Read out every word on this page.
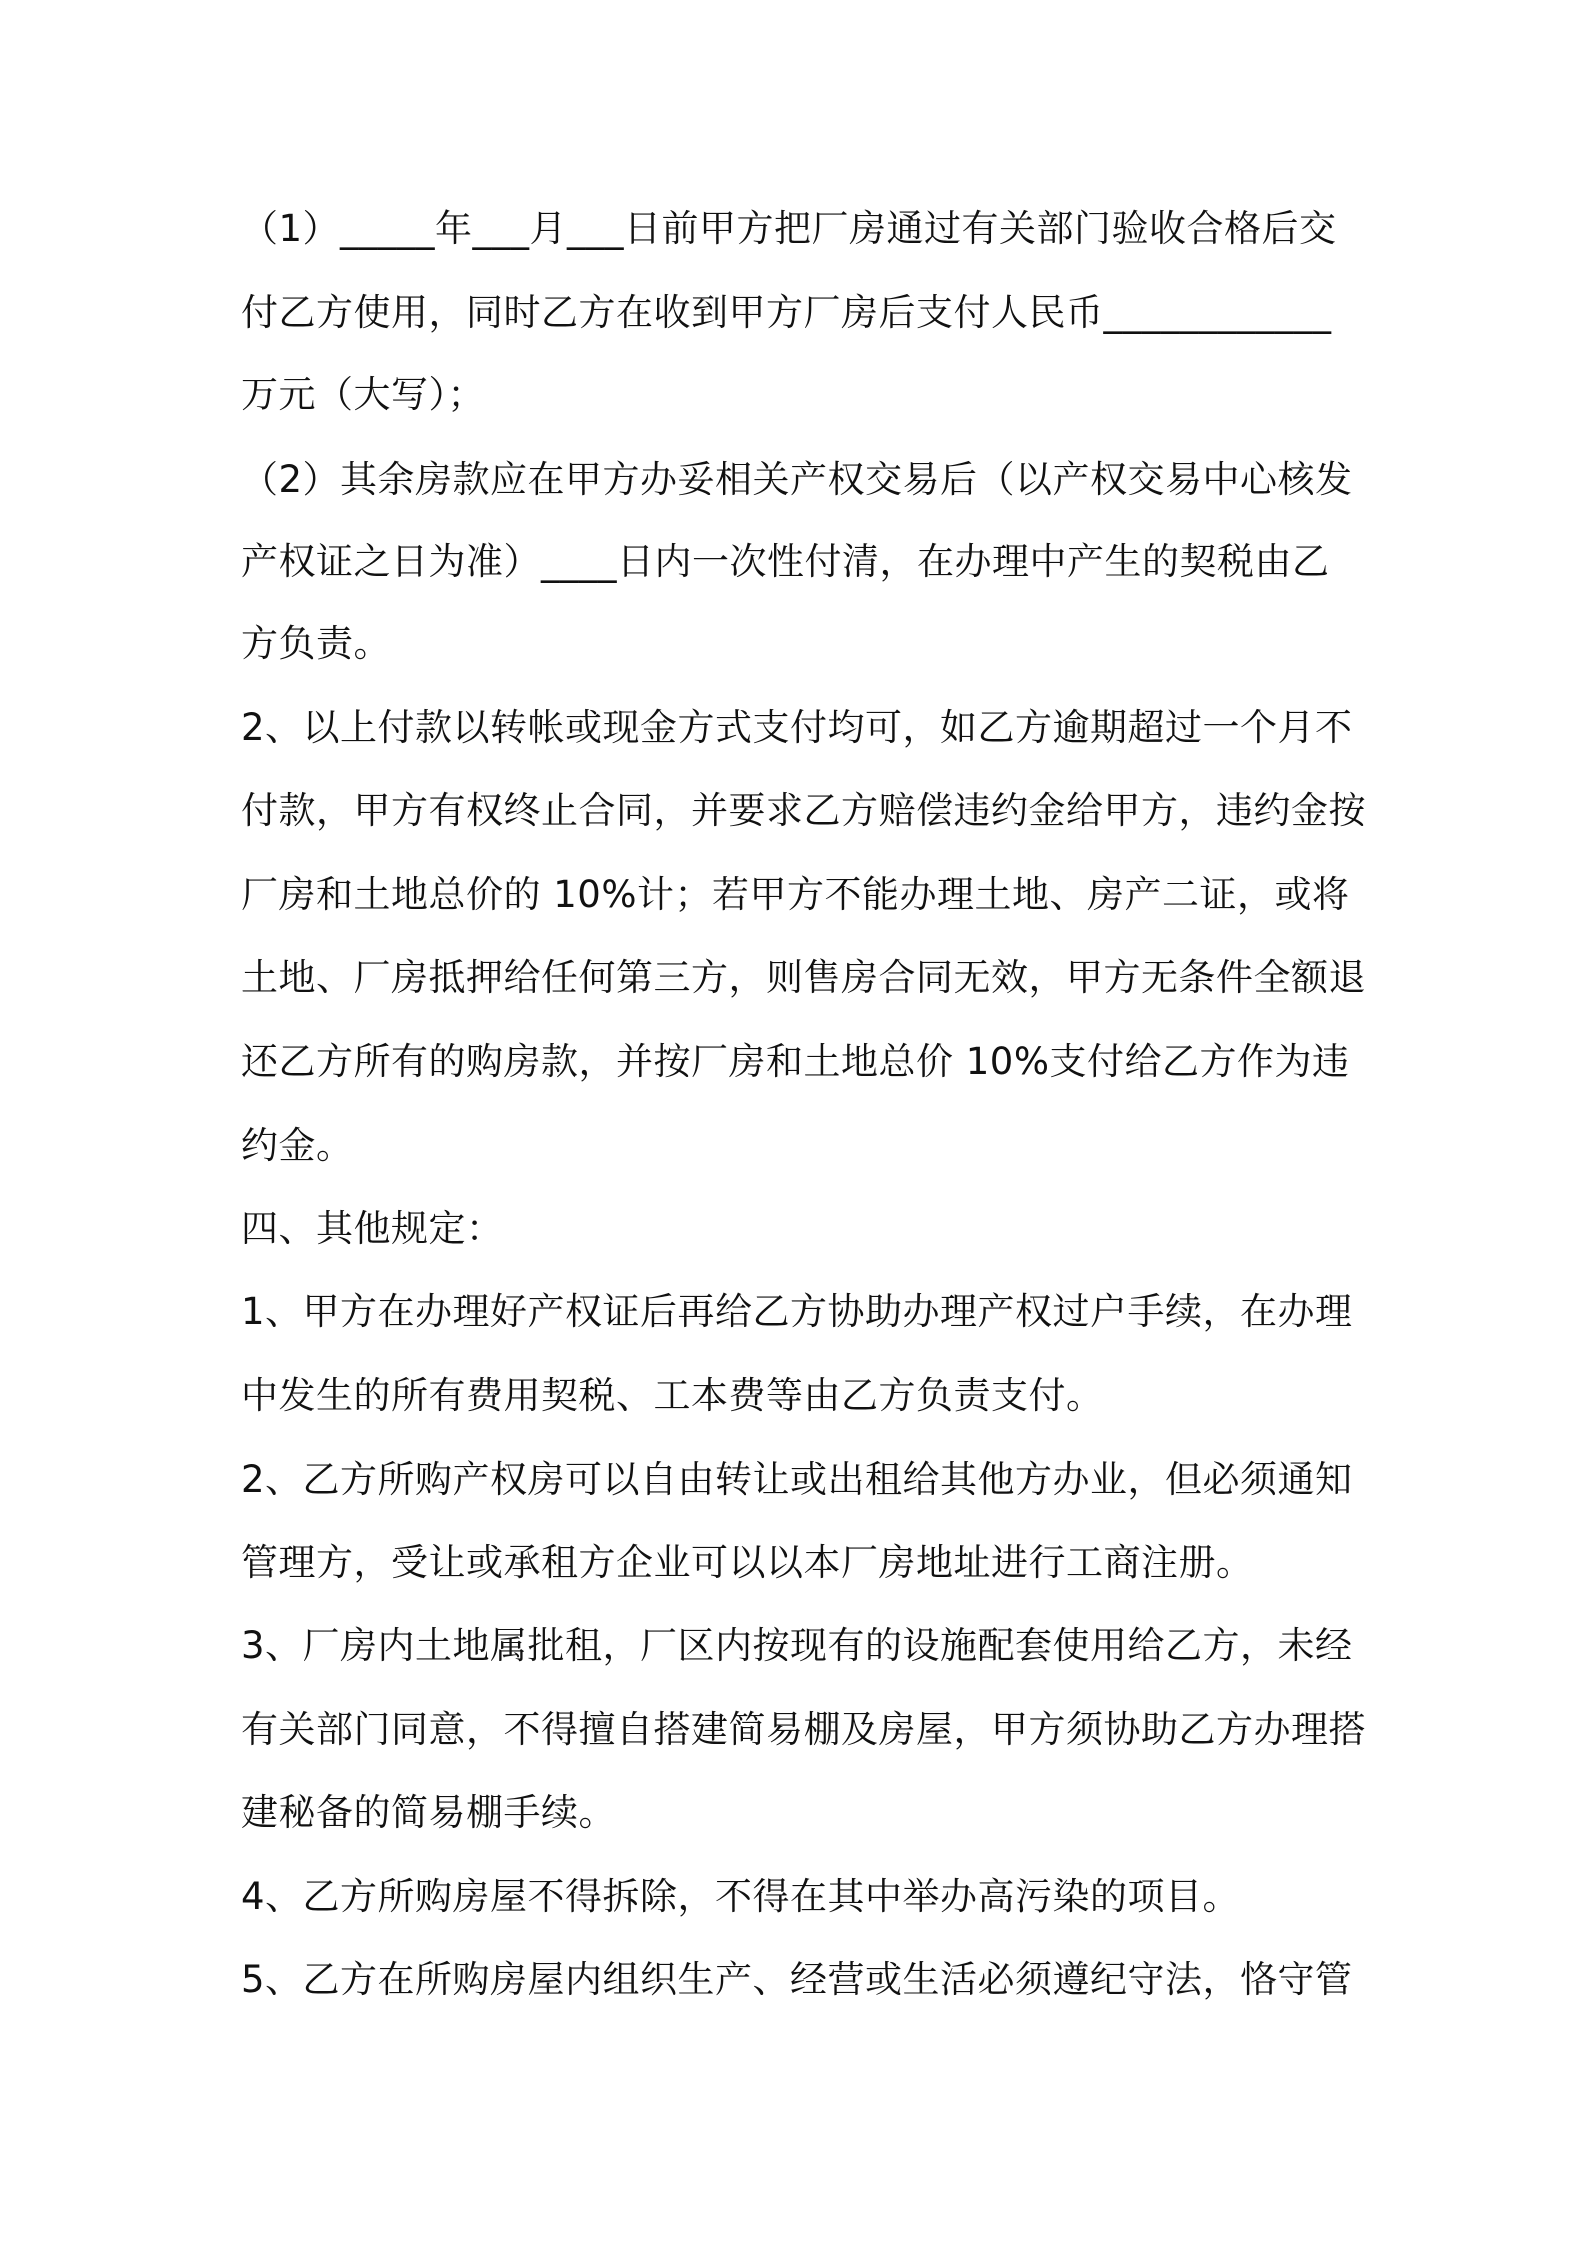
（1）_____年___月___日前甲方把厂房通过有关部门验收合格后交
付乙方使用，同时乙方在收到甲方厂房后支付人民币____________
万元（大写）；
（2）其余房款应在甲方办妥相关产权交易后（以产权交易中心核发
产权证之日为准）____日内一次性付清，在办理中产生的契税由乙
方负责。
2、以上付款以转帐或现金方式支付均可，如乙方逾期超过一个月不
付款，甲方有权终止合同，并要求乙方赔偿违约金给甲方，违约金按
厂房和土地总价的 10%计；若甲方不能办理土地、房产二证，或将
土地、厂房抵押给任何第三方，则售房合同无效，甲方无条件全额退
还乙方所有的购房款，并按厂房和土地总价 10%支付给乙方作为违
约金。
四、其他规定：
1、甲方在办理好产权证后再给乙方协助办理产权过户手续，在办理
中发生的所有费用契税、工本费等由乙方负责支付。
2、乙方所购产权房可以自由转让或出租给其他方办业，但必须通知
管理方，受让或承租方企业可以以本厂房地址进行工商注册。
3、厂房内土地属批租，厂区内按现有的设施配套使用给乙方，未经
有关部门同意，不得擅自搭建简易棚及房屋，甲方须协助乙方办理搭
建秘备的简易棚手续。
4、乙方所购房屋不得拆除，不得在其中举办高污染的项目。
5、乙方在所购房屋内组织生产、经营或生活必须遵纪守法，恪守管
